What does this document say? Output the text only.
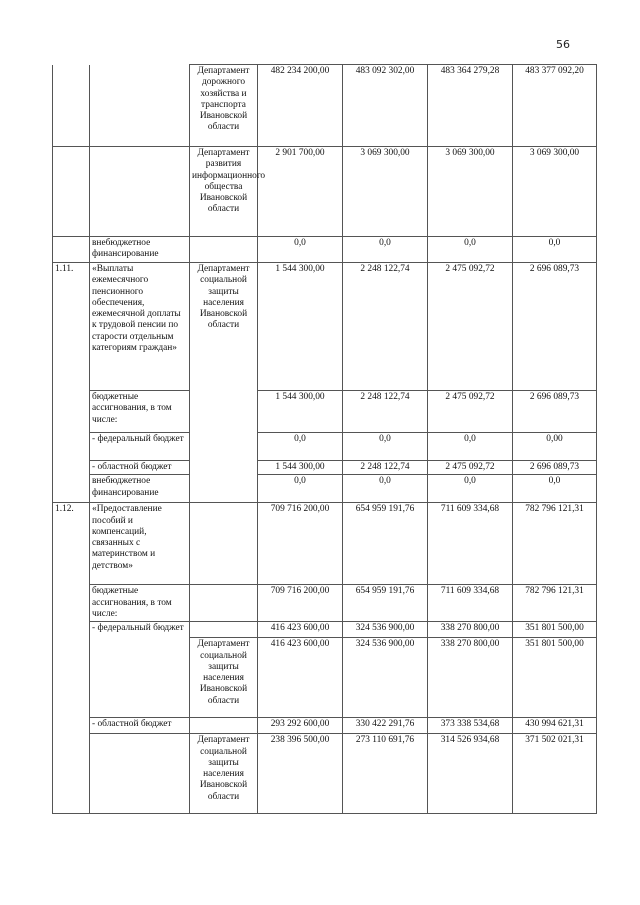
56
		Департамент дорожного хозяйства и транспорта Ивановской области	482 234 200,00	483 092 302,00	483 364 279,28	483 377 092,20
		Департамент развития информационного общества Ивановской области	2 901 700,00	3 069 300,00	3 069 300,00	3 069 300,00
	внебюджетное финансирование		0,0	0,0	0,0	0,0
1.11.	«Выплаты ежемесячного пенсионного обеспечения, ежемесячной доплаты к трудовой пенсии по старости отдельным категориям граждан»	Департамент социальной защиты населения Ивановской области	1 544 300,00	2 248 122,74	2 475 092,72	2 696 089,73
	бюджетные ассигнования, в том числе:		1 544 300,00	2 248 122,74	2 475 092,72	2 696 089,73
	- федеральный бюджет		0,0	0,0	0,0	0,00
	- областной бюджет		1 544 300,00	2 248 122,74	2 475 092,72	2 696 089,73
	внебюджетное финансирование		0,0	0,0	0,0	0,0
1.12.	«Предоставление пособий и компенсаций, связанных с материнством и детством»		709 716 200,00	654 959 191,76	711 609 334,68	782 796 121,31
	бюджетные ассигнования, в том числе:		709 716 200,00	654 959 191,76	711 609 334,68	782 796 121,31
	- федеральный бюджет		416 423 600,00	324 536 900,00	338 270 800,00	351 801 500,00
		Департамент социальной защиты населения Ивановской области	416 423 600,00	324 536 900,00	338 270 800,00	351 801 500,00
	- областной бюджет		293 292 600,00	330 422 291,76	373 338 534,68	430 994 621,31
		Департамент социальной защиты населения Ивановской области	238 396 500,00	273 110 691,76	314 526 934,68	371 502 021,31
